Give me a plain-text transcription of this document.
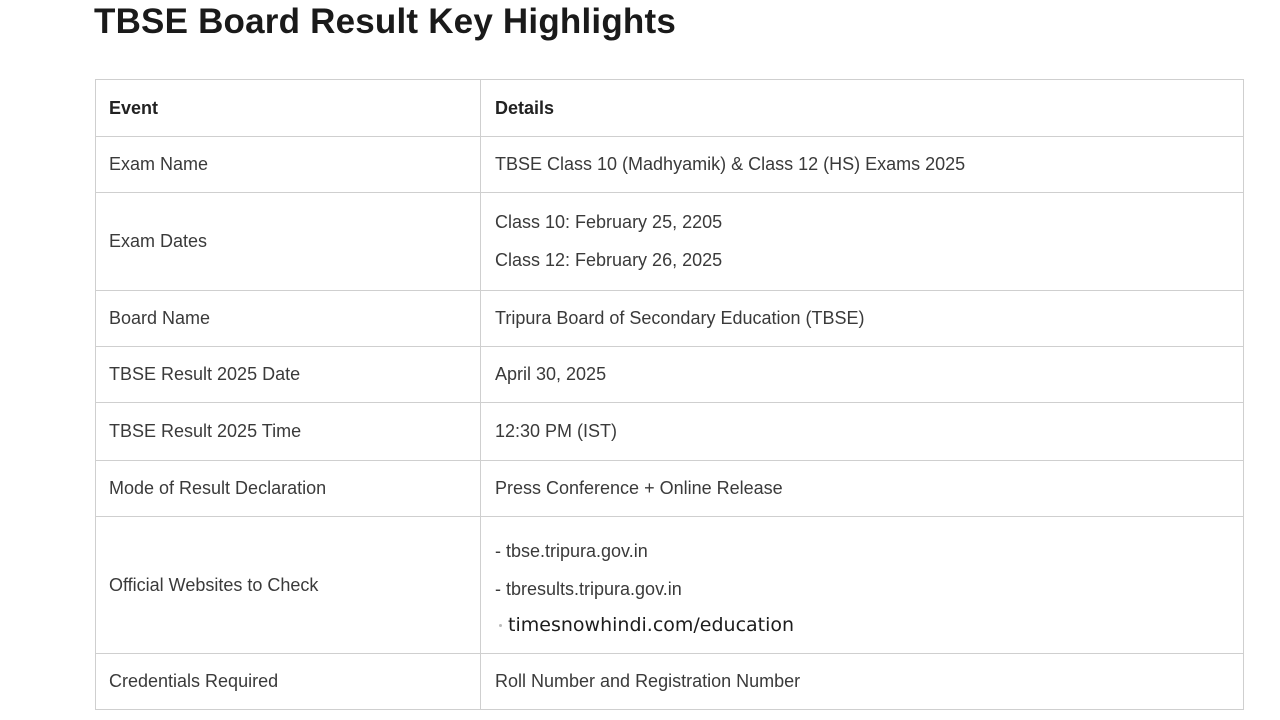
TBSE Board Result Key Highlights
Event	Details
Exam Name	TBSE Class 10 (Madhyamik) & Class 12 (HS) Exams 2025
Exam Dates	Class 10: February 25, 2205
Class 12: February 26, 2025

Board Name	Tripura Board of Secondary Education (TBSE)
TBSE Result 2025 Date	April 30, 2025
TBSE Result 2025 Time	12:30 PM (IST)
Mode of Result Declaration	Press Conference + Online Release
Official Websites to Check	- tbse.tripura.gov.in
- tbresults.tripura.gov.in
timesnowhindi.com/education

Credentials Required	Roll Number and Registration Number
